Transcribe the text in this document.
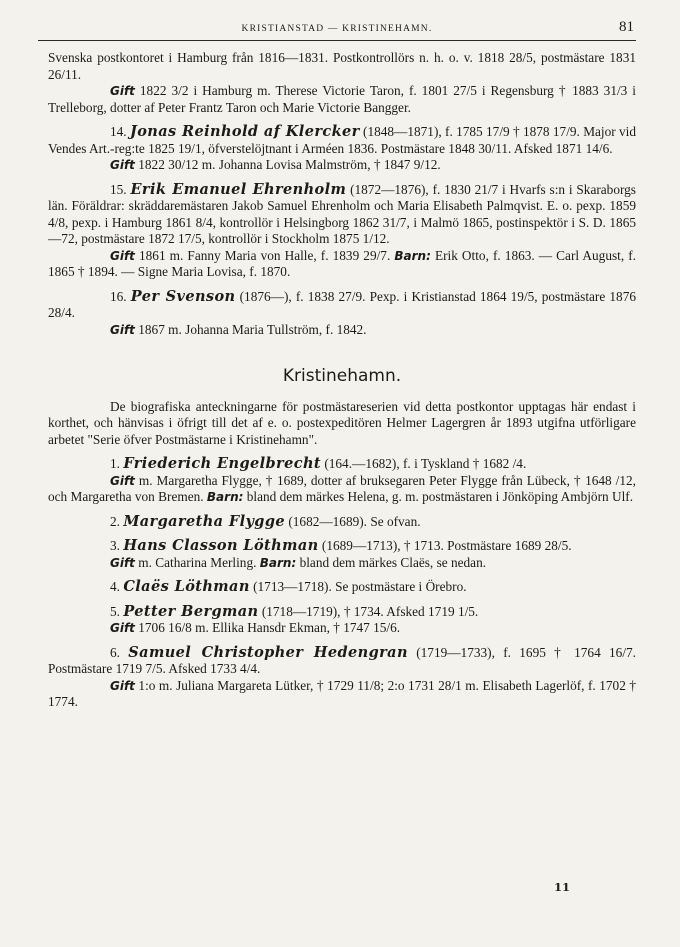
KRISTIANSTAD — KRISTINEHAMN.	81

Svenska postkontoret i Hamburg från 1816—1831. Postkontrollörs n. h. o. v. 1818 28/5, postmästare 1831 26/11.

Gift 1822 3/2 i Hamburg m. Therese Victorie Taron, f. 1801 27/5 i Regensburg † 1883 31/3 i Trelleborg, dotter af Peter Frantz Taron och Marie Victorie Bangger.

14. Jonas Reinhold af Klercker (1848—1871), f. 1785 17/9 † 1878 17/9. Major vid Vendes Art.-reg:te 1825 19/1, öfverstelöjtnant i Arméen 1836. Postmästare 1848 30/11. Afsked 1871 14/6.

Gift 1822 30/12 m. Johanna Lovisa Malmström, † 1847 9/12.

15. Erik Emanuel Ehrenholm (1872—1876), f. 1830 21/7 i Hvarfs s:n i Skaraborgs län. Föräldrar: skräddaremästaren Jakob Samuel Ehrenholm och Maria Elisabeth Palmqvist. E. o. pexp. 1859 4/8, pexp. i Hamburg 1861 8/4, kontrollör i Helsingborg 1862 31/7, i Malmö 1865, postinspektör i S. D. 1865—72, postmästare 1872 17/5, kontrollör i Stockholm 1875 1/12.

Gift 1861 m. Fanny Maria von Halle, f. 1839 29/7. Barn: Erik Otto, f. 1863. — Carl August, f. 1865 † 1894. — Signe Maria Lovisa, f. 1870.

16. Per Svenson (1876—), f. 1838 27/9. Pexp. i Kristianstad 1864 19/5, postmästare 1876 28/4.

Gift 1867 m. Johanna Maria Tullström, f. 1842.

Kristinehamn.

De biografiska anteckningarne för postmästareserien vid detta postkontor upptagas här endast i korthet, och hänvisas i öfrigt till det af e. o. postexpeditören Helmer Lagergren år 1893 utgifna utförligare arbetet "Serie öfver Postmästarne i Kristinehamn".

1. Friederich Engelbrecht (164.—1682), f. i Tyskland † 1682 /4.

Gift m. Margaretha Flygge, † 1689, dotter af bruksegaren Peter Flygge från Lübeck, † 1648 /12, och Margaretha von Bremen. Barn: bland dem märkes Helena, g. m. postmästaren i Jönköping Ambjörn Ulf.

2. Margaretha Flygge (1682—1689). Se ofvan.

3. Hans Classon Löthman (1689—1713), † 1713. Postmästare 1689 28/5.

Gift m. Catharina Merling. Barn: bland dem märkes Claës, se nedan.

4. Claës Löthman (1713—1718). Se postmästare i Örebro.

5. Petter Bergman (1718—1719), † 1734. Afsked 1719 1/5.

Gift 1706 16/8 m. Ellika Hansdr Ekman, † 1747 15/6.

6. Samuel Christopher Hedengran (1719—1733), f. 1695 † 1764 16/7. Postmästare 1719 7/5. Afsked 1733 4/4.

Gift 1:o m. Juliana Margareta Lütker, † 1729 11/8; 2:o 1731 28/1 m. Elisabeth Lagerlöf, f. 1702 † 1774.

11
